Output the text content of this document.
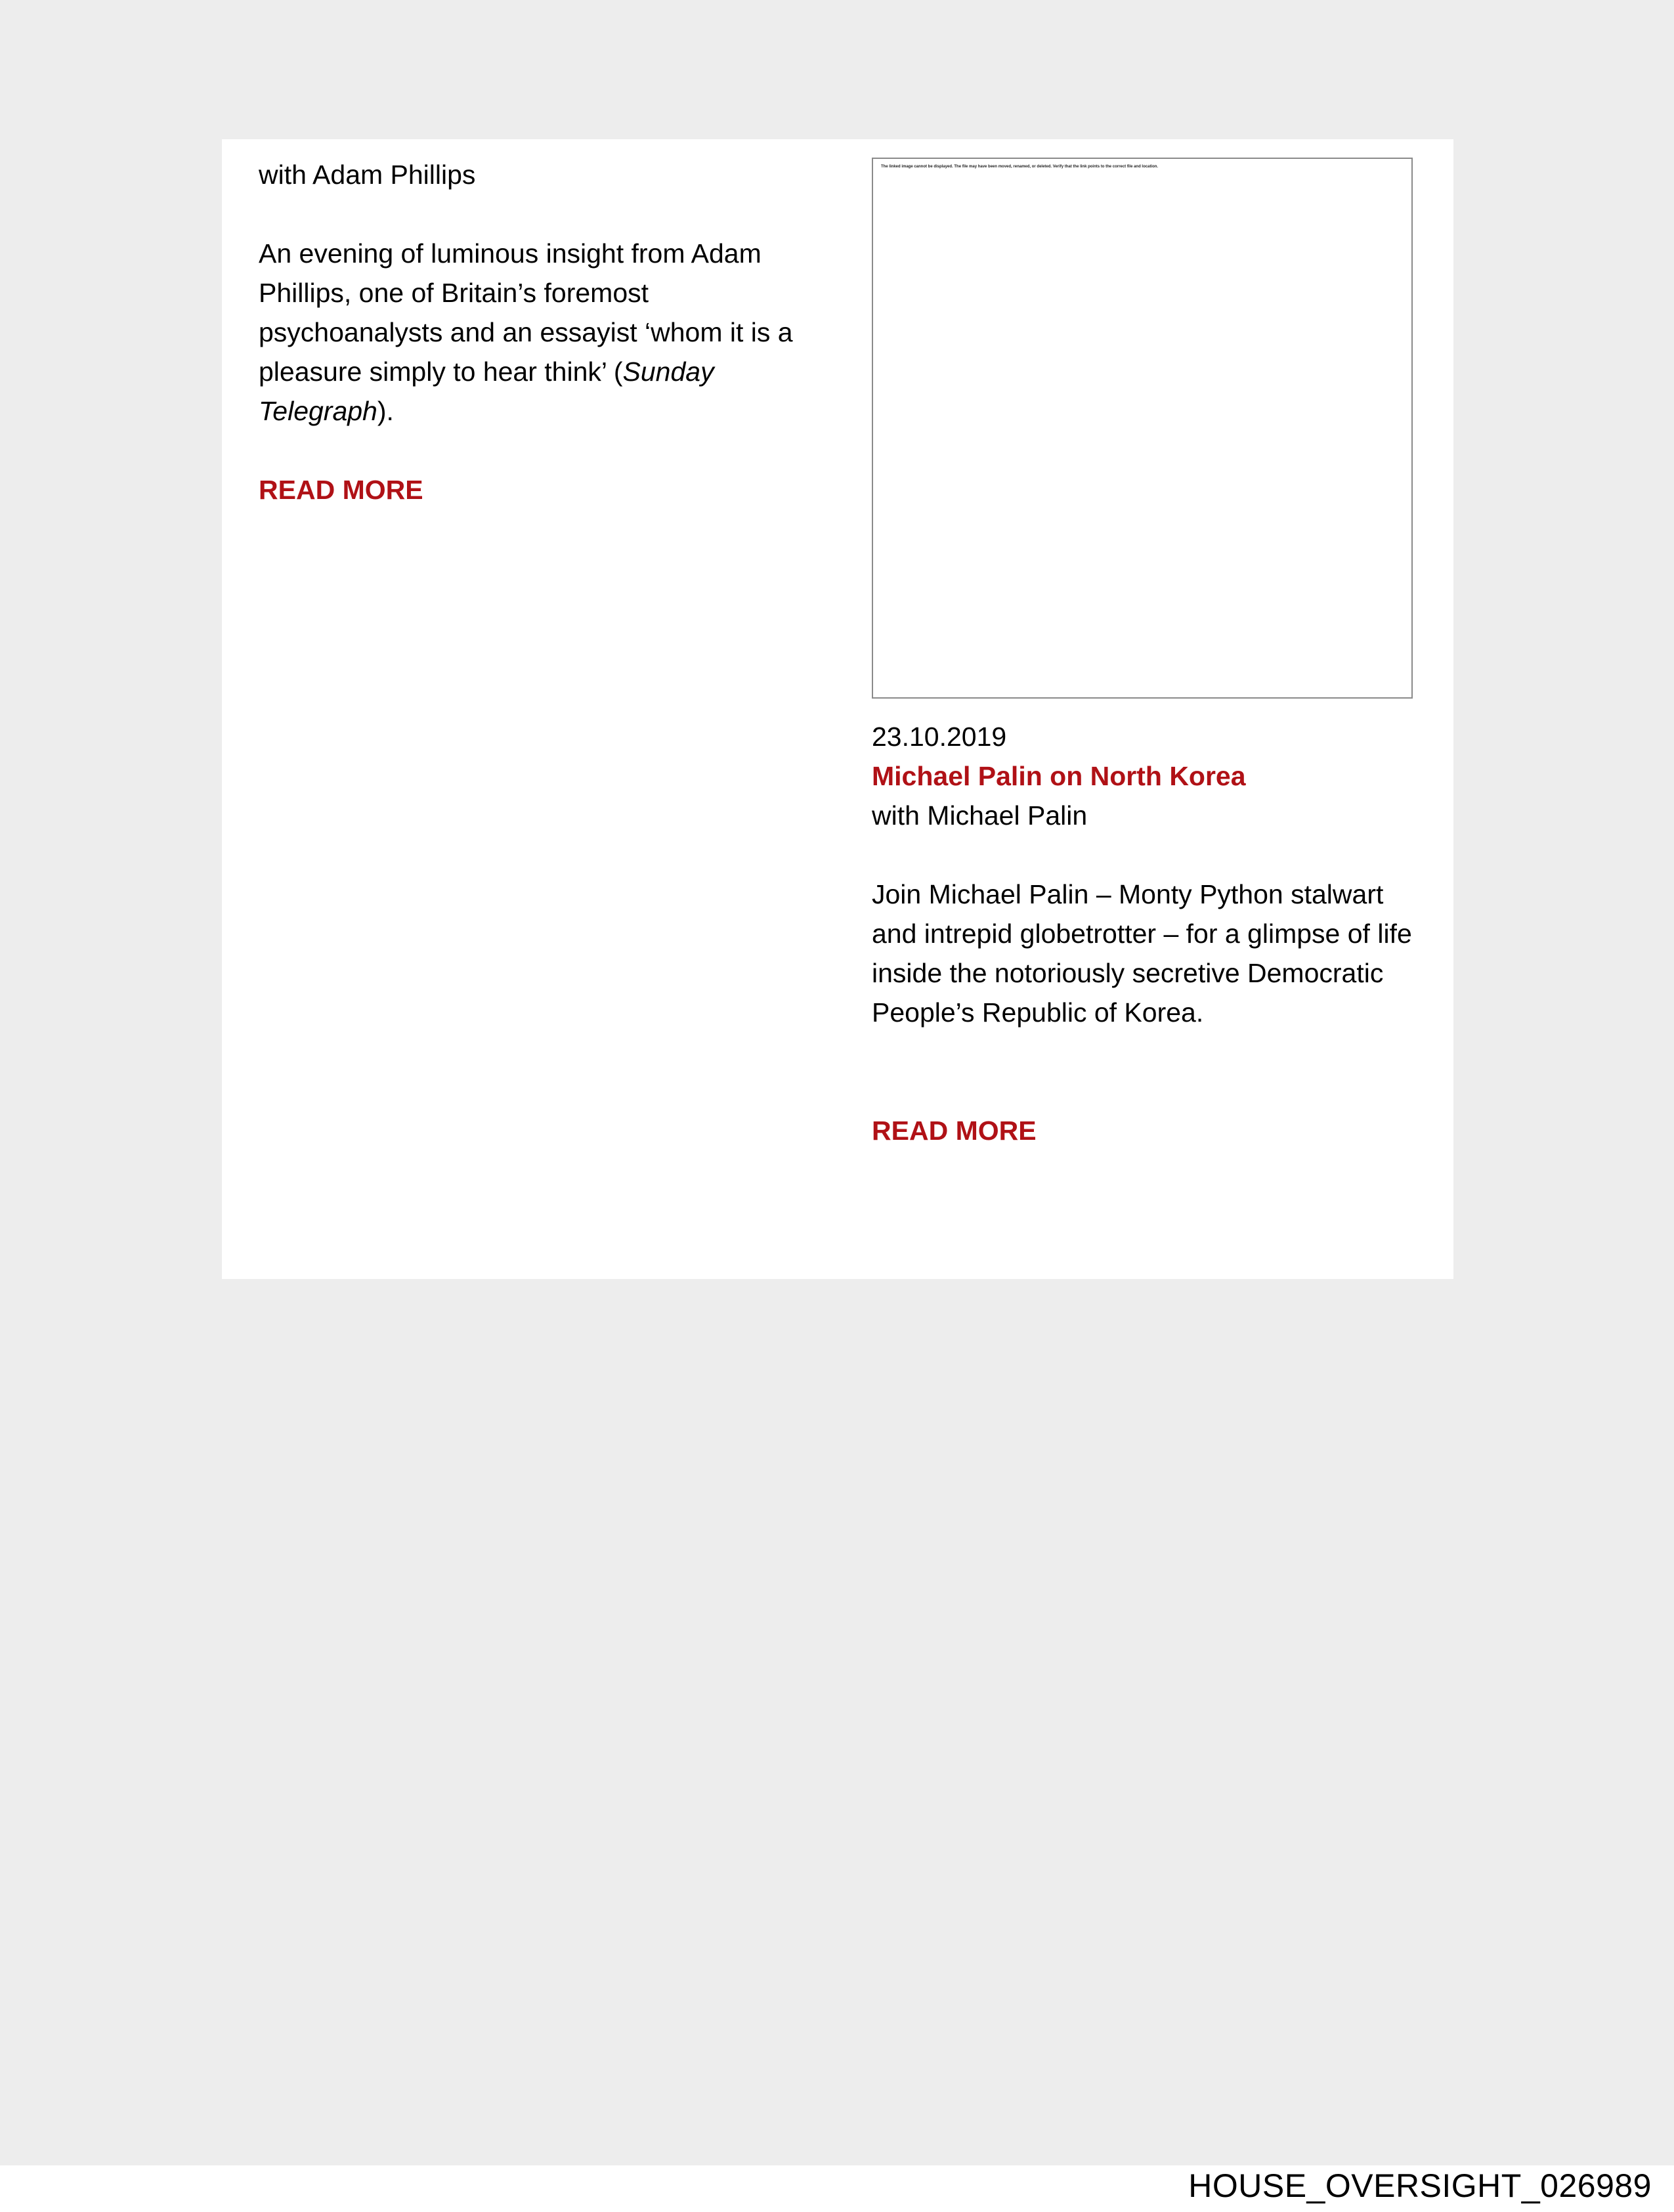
with Adam Phillips

An evening of luminous insight from Adam Phillips, one of Britain’s foremost psychoanalysts and an essayist ‘whom it is a pleasure simply to hear think’ (Sunday Telegraph).

READ MORE
The linked image cannot be displayed. The file may have been moved, renamed, or deleted. Verify that the link points to the correct file and location.
23.10.2019
Michael Palin on North Korea

with Michael Palin

Join Michael Palin – Monty Python stalwart and intrepid globetrotter – for a glimpse of life inside the notoriously secretive Democratic People’s Republic of Korea.

READ MORE
HOUSE_OVERSIGHT_026989
